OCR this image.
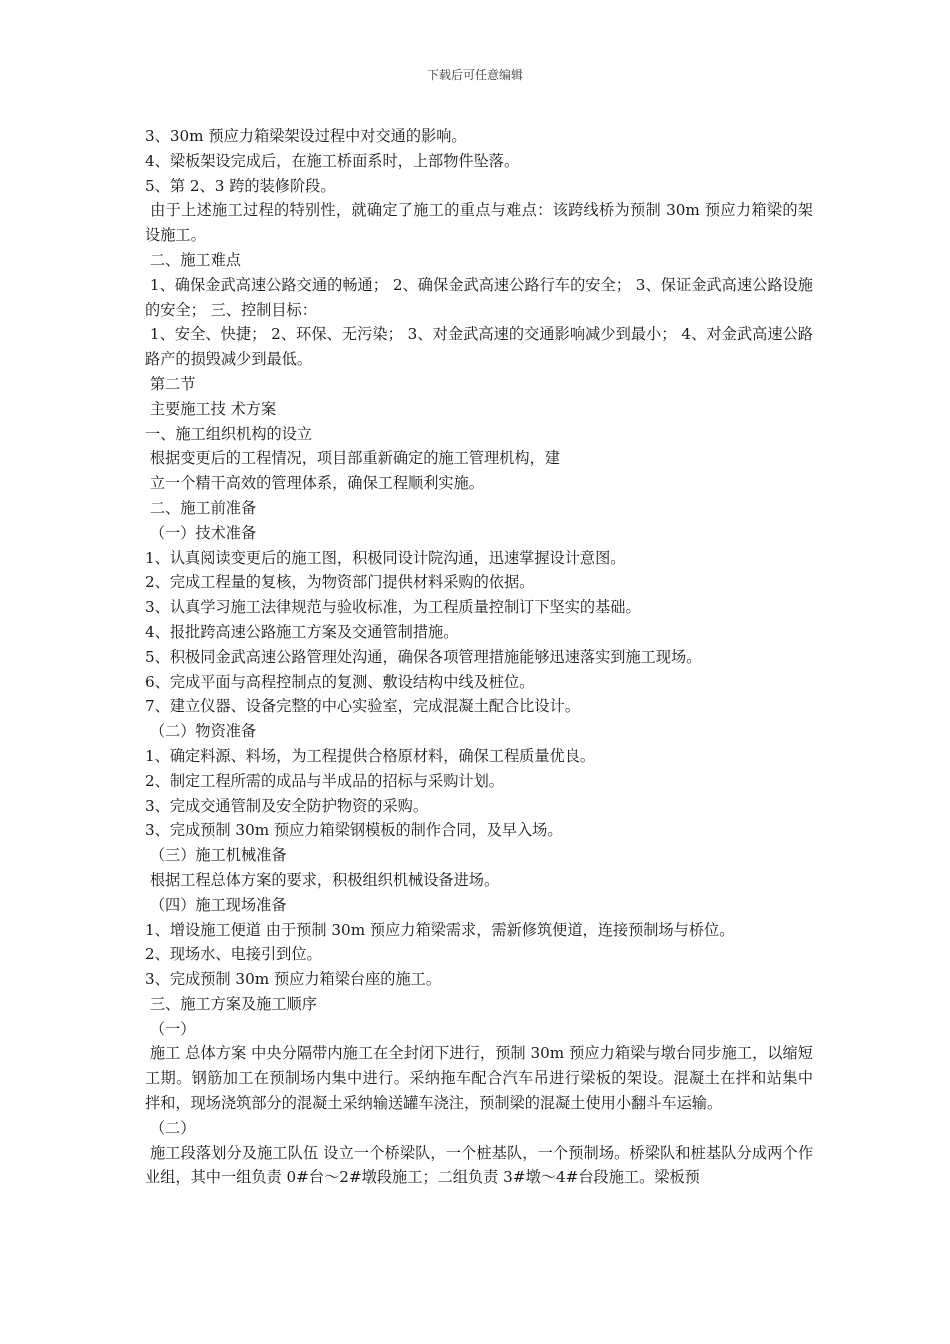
下载后可任意编辑

3、30m 预应力箱梁架设过程中对交通的影响。

4、梁板架设完成后，在施工桥面系时，上部物件坠落。

5、第 2、3 跨的装修阶段。

由于上述施工过程的特别性，就确定了施工的重点与难点：该跨线桥为预制 30m 预应力箱梁的架设施工。

二、施工难点

1、确保金武高速公路交通的畅通； 2、确保金武高速公路行车的安全； 3、保证金武高速公路设施的安全； 三、控制目标：

1、安全、快捷； 2、环保、无污染； 3、对金武高速的交通影响减少到最小； 4、对金武高速公路路产的损毁减少到最低。

第二节

主要施工技 术方案

一、施工组织机构的设立

根据变更后的工程情况，项目部重新确定的施工管理机构，建

立一个精干高效的管理体系，确保工程顺利实施。

二、施工前准备

（一）技术准备

1、认真阅读变更后的施工图，积极同设计院沟通，迅速掌握设计意图。

2、完成工程量的复核，为物资部门提供材料采购的依据。

3、认真学习施工法律规范与验收标准，为工程质量控制订下坚实的基础。

4、报批跨高速公路施工方案及交通管制措施。

5、积极同金武高速公路管理处沟通，确保各项管理措施能够迅速落实到施工现场。

6、完成平面与高程控制点的复测、敷设结构中线及桩位。

7、建立仪器、设备完整的中心实验室，完成混凝土配合比设计。

（二）物资准备

1、确定料源、料场，为工程提供合格原材料，确保工程质量优良。

2、制定工程所需的成品与半成品的招标与采购计划。

3、完成交通管制及安全防护物资的采购。

3、完成预制 30m 预应力箱梁钢模板的制作合同，及早入场。

（三）施工机械准备

根据工程总体方案的要求，积极组织机械设备进场。

（四）施工现场准备

1、增设施工便道 由于预制 30m 预应力箱梁需求，需新修筑便道，连接预制场与桥位。

2、现场水、电接引到位。

3、完成预制 30m 预应力箱梁台座的施工。

三、施工方案及施工顺序

（一）

施工 总体方案 中央分隔带内施工在全封闭下进行，预制 30m 预应力箱梁与墩台同步施工，以缩短工期。钢筋加工在预制场内集中进行。采纳拖车配合汽车吊进行梁板的架设。混凝土在拌和站集中拌和，现场浇筑部分的混凝土采纳输送罐车浇注，预制梁的混凝土使用小翻斗车运输。

（二）

施工段落划分及施工队伍 设立一个桥梁队，一个桩基队，一个预制场。桥梁队和桩基队分成两个作业组，其中一组负责 0#台～2#墩段施工；二组负责 3#墩～4#台段施工。梁板预
